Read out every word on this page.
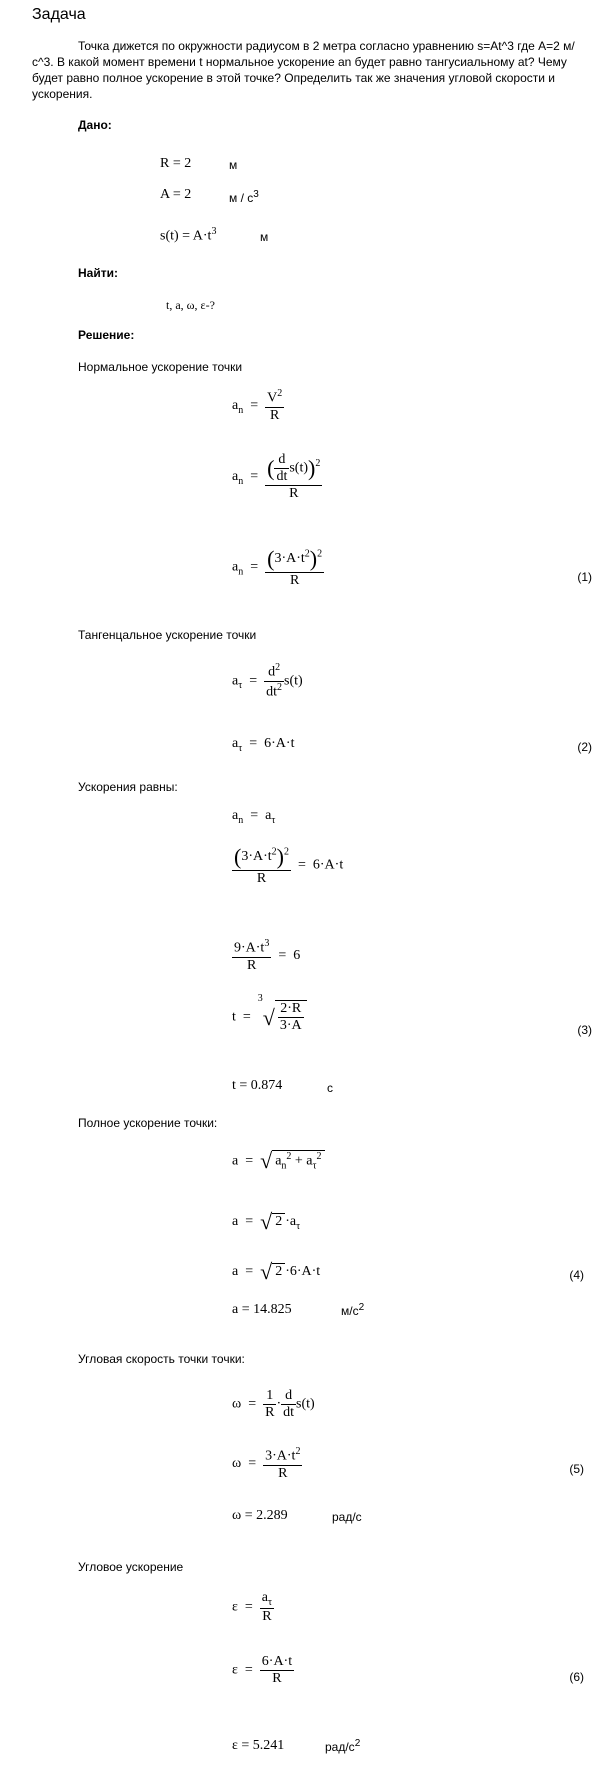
Задача
Точка дижется по окружности радиусом в 2 метра согласно уравнению s=At^3 где A=2 м/с^3. В какой момент времени t нормальное ускорение an будет равно тангусиальному at? Чему будет равно полное ускорение в этой точке? Определить так же значения угловой скорости и ускорения.
Дано:
R = 2	м
A = 2	м / $c^3$
$s(t) = A\cdot t^3$	м
Найти:
t, a, ω, ε-?
Решение:
Нормальное ускорение точки
$a_n = \frac{V^2}{R}$
$a_n = \frac{( \frac{d}{dt} s(t))^2}{R}$
$a_n = \frac{(3\cdot A\cdot t^2)^2}{R}$	(1)
Тангенцальное ускорение точки
$a_\tau = \frac{d^2}{dt^2} s(t)$
$a_\tau = 6\cdot A\cdot t$	(2)
Ускорения равны:
$a_n = a_\tau$
$\frac{(3\cdot A\cdot t^2)^2}{R} = 6\cdot A\cdot t$
$\frac{9\cdot A\cdot t^3}{R} = 6$
$t = ^3√ \frac{2\cdot R}{3\cdot A}$	(3)
t = 0.874	c
Полное ускорение точки:
a  =  √ $a_n^2 + a_\tau^2$
a  =  √ $2 \cdot a_\tau$
a  =  √ 2 ·6·A·t	(4)
a = 14.825	$м/с^2$
Угловая скорость точки точки:
$\omega = \frac{1}{R} \cdot \frac{d}{dt} s(t)$
$\omega = \frac{3\cdot A\cdot t^2}{R}$	(5)
ω = 2.289	рад/с
Угловое ускорение
$\varepsilon = \frac{a_\tau}{R}$
$\varepsilon = \frac{6\cdot A\cdot t}{R}$	(6)
ε = 5.241	рад/$с^2$
